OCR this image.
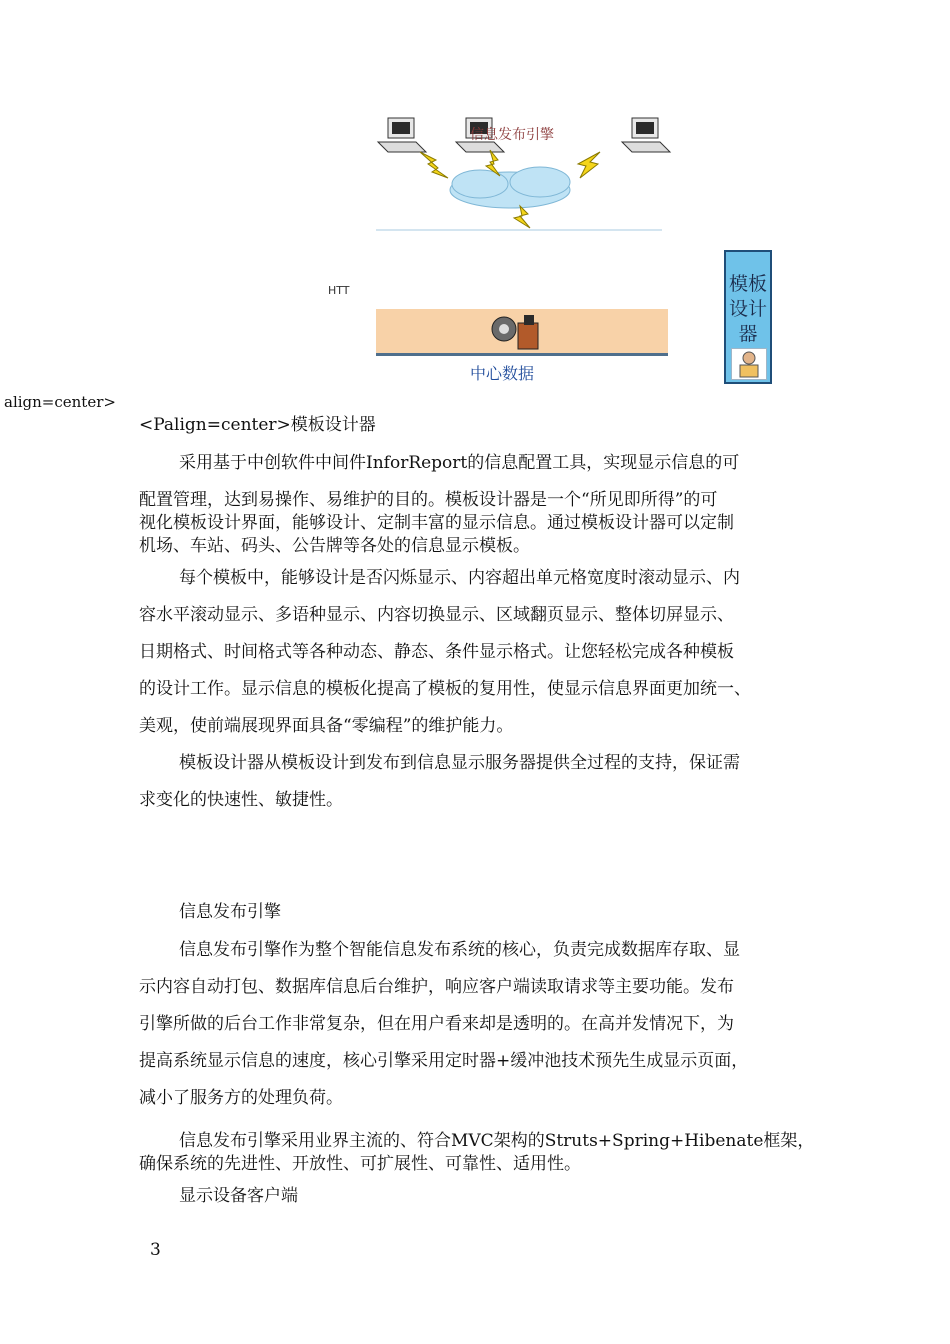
信息发布引擎
HTT
中心数据
模板设计器
align=center>
<Palign=center>模板设计器
采用基于中创软件中间件InforReport的信息配置工具，实现显示信息的可
配置管理，达到易操作、易维护的目的。模板设计器是一个“所见即所得”的可
视化模板设计界面，能够设计、定制丰富的显示信息。通过模板设计器可以定制
机场、车站、码头、公告牌等各处的信息显示模板。
每个模板中，能够设计是否闪烁显示、内容超出单元格宽度时滚动显示、内
容水平滚动显示、多语种显示、内容切换显示、区域翻页显示、整体切屏显示、
日期格式、时间格式等各种动态、静态、条件显示格式。让您轻松完成各种模板
的设计工作。显示信息的模板化提高了模板的复用性，使显示信息界面更加统一、
美观，使前端展现界面具备“零编程”的维护能力。
模板设计器从模板设计到发布到信息显示服务器提供全过程的支持，保证需
求变化的快速性、敏捷性。
信息发布引擎
信息发布引擎作为整个智能信息发布系统的核心，负责完成数据库存取、显
示内容自动打包、数据库信息后台维护，响应客户端读取请求等主要功能。发布
引擎所做的后台工作非常复杂，但在用户看来却是透明的。在高并发情况下，为
提高系统显示信息的速度，核心引擎采用定时器+缓冲池技术预先生成显示页面，
减小了服务方的处理负荷。
信息发布引擎采用业界主流的、符合MVC架构的Struts+Spring+Hibenate框架，
确保系统的先进性、开放性、可扩展性、可靠性、适用性。
显示设备客户端
3
